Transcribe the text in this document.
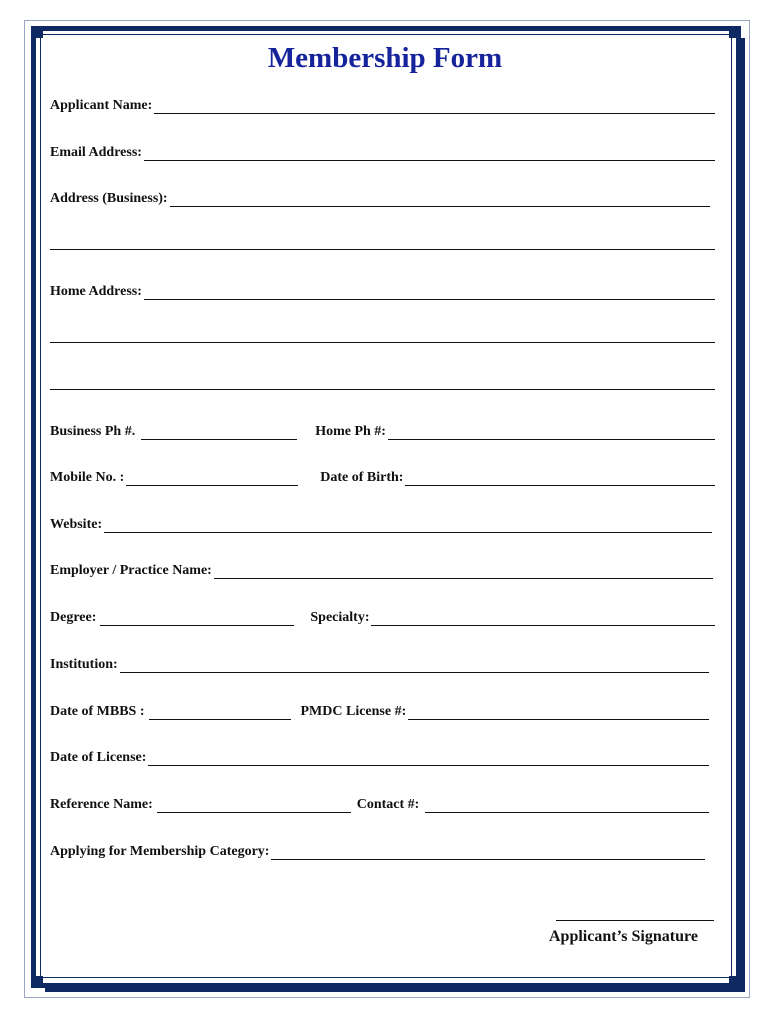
Membership Form
Applicant Name:
Email Address:
Address (Business):
Home Address:
Business Ph #.	Home Ph #:
Mobile No. :	Date of Birth:
Website:
Employer / Practice Name:
Degree:	Specialty:
Institution:
Date of MBBS :	PMDC License #:
Date of License:
Reference Name:	Contact #:
Applying for Membership Category:
Applicant’s Signature
